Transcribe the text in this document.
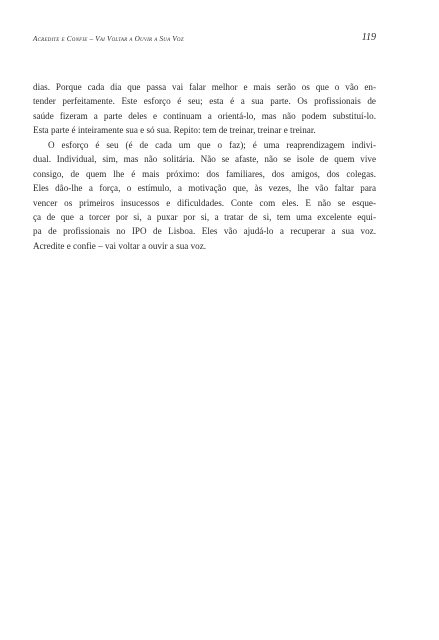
Acredite e Confie – Vai Voltar a Ouvir a Sua Voz	119
dias. Porque cada dia que passa vai falar melhor e mais serão os que o vão en-
tender perfeitamente. Este esforço é seu; esta é a sua parte. Os profissionais de
saúde fizeram a parte deles e continuam a orientá-lo, mas não podem substituí-lo.
Esta parte é inteiramente sua e só sua. Repito: tem de treinar, treinar e treinar.
O esforço é seu (é de cada um que o faz); é uma reaprendizagem indivi-
dual. Individual, sim, mas não solitária. Não se afaste, não se isole de quem vive
consigo, de quem lhe é mais próximo: dos familiares, dos amigos, dos colegas.
Eles dão-lhe a força, o estímulo, a motivação que, às vezes, lhe vão faltar para
vencer os primeiros insucessos e dificuldades. Conte com eles. E não se esque-
ça de que a torcer por si, a puxar por si, a tratar de si, tem uma excelente equi-
pa de profissionais no IPO de Lisboa. Eles vão ajudá-lo a recuperar a sua voz.
Acredite e confie – vai voltar a ouvir a sua voz.
